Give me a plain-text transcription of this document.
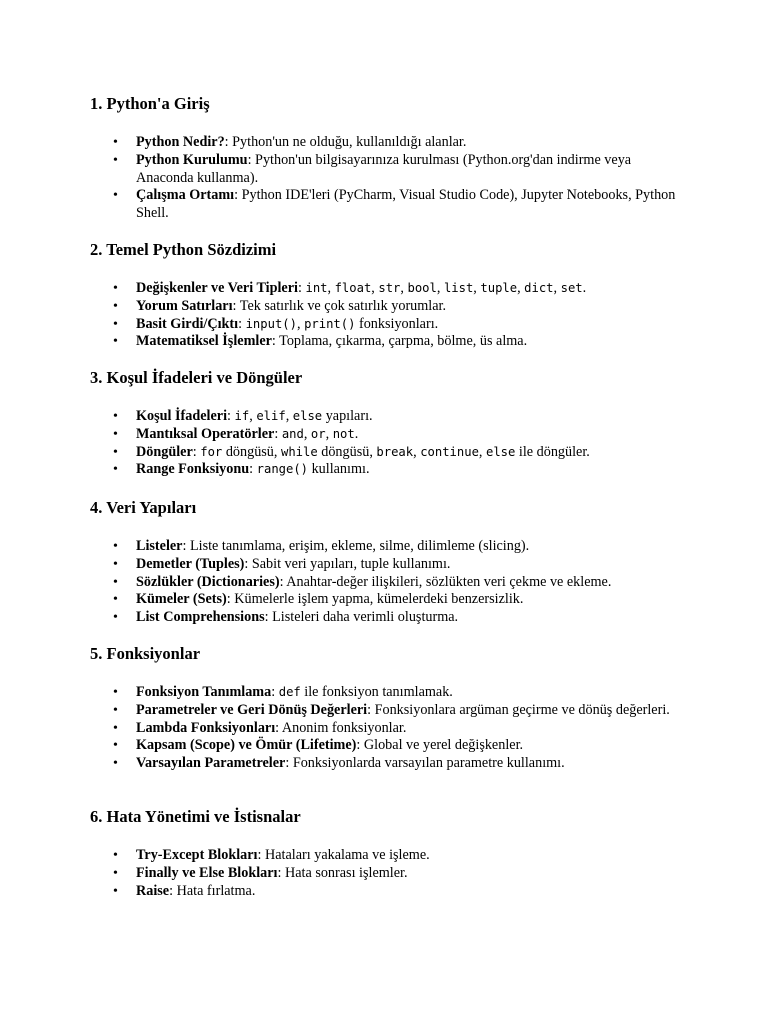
1. Python'a Giriş
• Python Nedir?: Python'un ne olduğu, kullanıldığı alanlar.
• Python Kurulumu: Python'un bilgisayarınıza kurulması (Python.org'dan indirme veya Anaconda kullanma).
• Çalışma Ortamı: Python IDE'leri (PyCharm, Visual Studio Code), Jupyter Notebooks, Python Shell.
2. Temel Python Sözdizimi
• Değişkenler ve Veri Tipleri: int, float, str, bool, list, tuple, dict, set.
• Yorum Satırları: Tek satırlık ve çok satırlık yorumlar.
• Basit Girdi/Çıktı: input(), print() fonksiyonları.
• Matematiksel İşlemler: Toplama, çıkarma, çarpma, bölme, üs alma.
3. Koşul İfadeleri ve Döngüler
• Koşul İfadeleri: if, elif, else yapıları.
• Mantıksal Operatörler: and, or, not.
• Döngüler: for döngüsü, while döngüsü, break, continue, else ile döngüler.
• Range Fonksiyonu: range() kullanımı.
4. Veri Yapıları
• Listeler: Liste tanımlama, erişim, ekleme, silme, dilimleme (slicing).
• Demetler (Tuples): Sabit veri yapıları, tuple kullanımı.
• Sözlükler (Dictionaries): Anahtar-değer ilişkileri, sözlükten veri çekme ve ekleme.
• Kümeler (Sets): Kümelerle işlem yapma, kümelerdeki benzersizlik.
• List Comprehensions: Listeleri daha verimli oluşturma.
5. Fonksiyonlar
• Fonksiyon Tanımlama: def ile fonksiyon tanımlamak.
• Parametreler ve Geri Dönüş Değerleri: Fonksiyonlara argüman geçirme ve dönüş değerleri.
• Lambda Fonksiyonları: Anonim fonksiyonlar.
• Kapsam (Scope) ve Ömür (Lifetime): Global ve yerel değişkenler.
• Varsayılan Parametreler: Fonksiyonlarda varsayılan parametre kullanımı.
6. Hata Yönetimi ve İstisnalar
• Try-Except Blokları: Hataları yakalama ve işleme.
• Finally ve Else Blokları: Hata sonrası işlemler.
• Raise: Hata fırlatma.
